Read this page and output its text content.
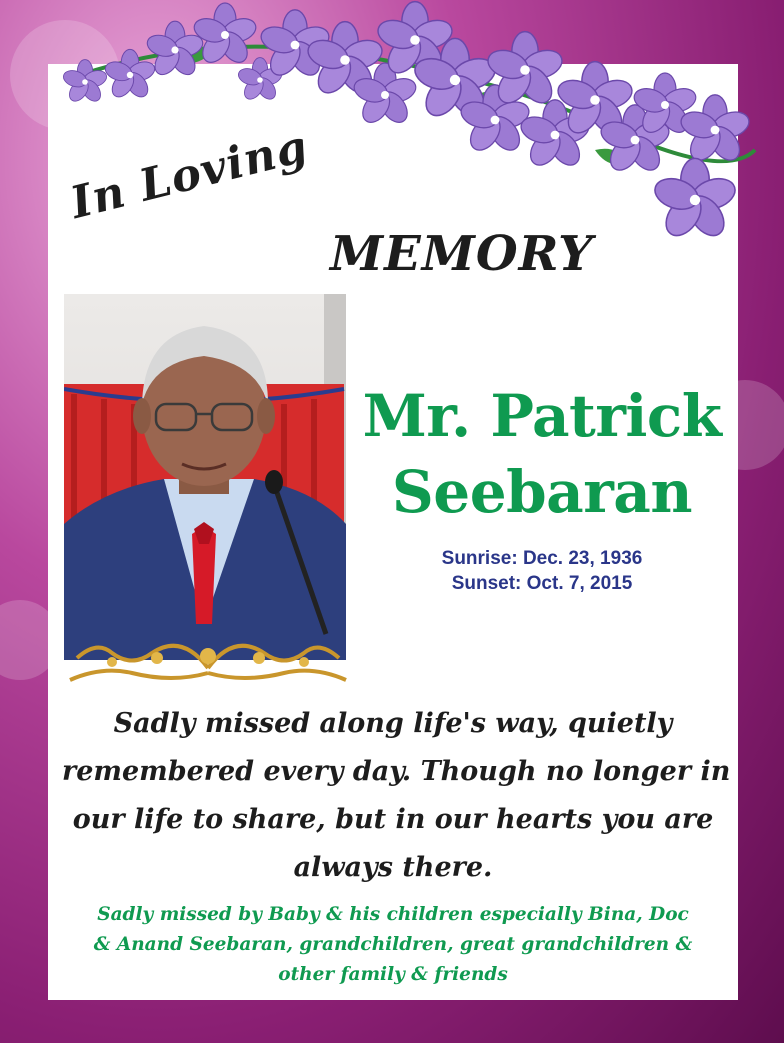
In Loving
MEMORY
Mr. Patrick
Seebaran
Sunrise: Dec. 23, 1936
Sunset: Oct. 7, 2015
Sadly missed along life's way, quietly
remembered every day. Though no longer in
our life to share, but in our hearts you are
always there.
Sadly missed by Baby & his children especially Bina, Doc
& Anand Seebaran, grandchildren, great grandchildren &
other family & friends
